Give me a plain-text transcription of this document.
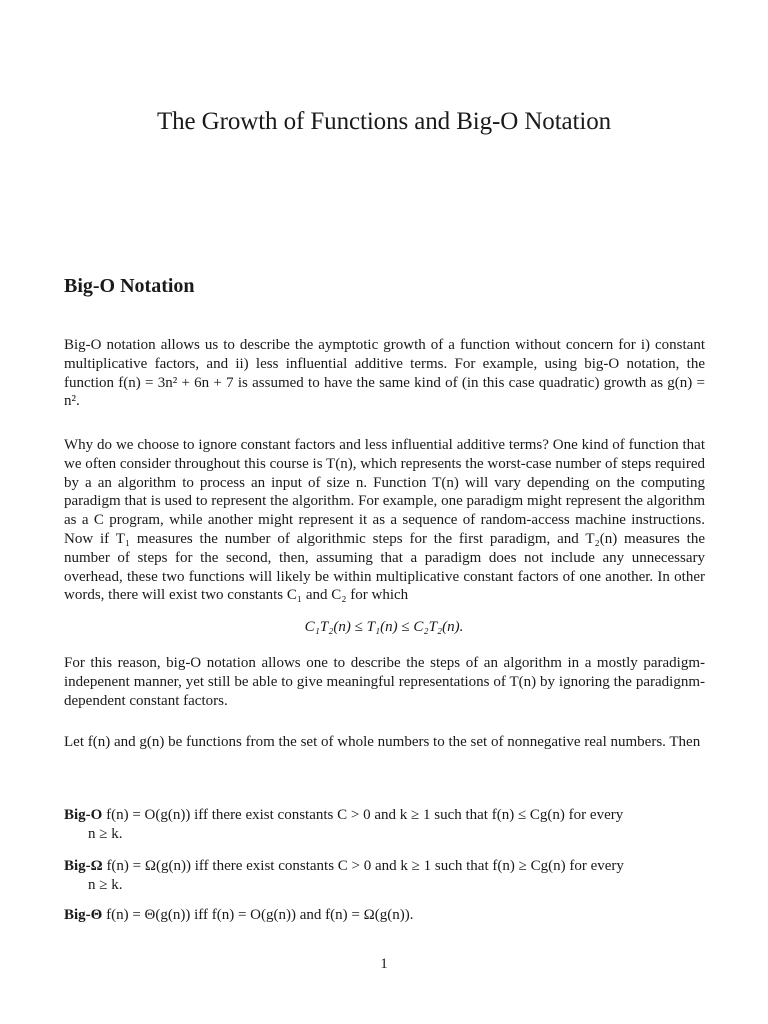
The Growth of Functions and Big-O Notation
Big-O Notation

Big-O notation allows us to describe the aymptotic growth of a function without concern for i) constant multiplicative factors, and ii) less influential additive terms. For example, using big-O notation, the function f(n) = 3n² + 6n + 7 is assumed to have the same kind of (in this case quadratic) growth as g(n) = n².

Why do we choose to ignore constant factors and less influential additive terms? One kind of function that we often consider throughout this course is T(n), which represents the worst-case number of steps required by a an algorithm to process an input of size n. Function T(n) will vary depending on the computing paradigm that is used to represent the algorithm. For example, one paradigm might represent the algorithm as a C program, while another might represent it as a sequence of random-access machine instructions. Now if T₁ measures the number of algorithmic steps for the first paradigm, and T₂(n) measures the number of steps for the second, then, assuming that a paradigm does not include any unnecessary overhead, these two functions will likely be within multiplicative constant factors of one another. In other words, there will exist two constants C₁ and C₂ for which

C₁T₂(n) ≤ T₁(n) ≤ C₂T₂(n).

For this reason, big-O notation allows one to describe the steps of an algorithm in a mostly paradigm-indepenent manner, yet still be able to give meaningful representations of T(n) by ignoring the paradignm-dependent constant factors.

Let f(n) and g(n) be functions from the set of whole numbers to the set of nonnegative real numbers. Then

Big-O f(n) = O(g(n)) iff there exist constants C > 0 and k ≥ 1 such that f(n) ≤ Cg(n) for every
n ≥ k.
Big-Ω f(n) = Ω(g(n)) iff there exist constants C > 0 and k ≥ 1 such that f(n) ≥ Cg(n) for every
n ≥ k.
Big-Θ f(n) = Θ(g(n)) iff f(n) = O(g(n)) and f(n) = Ω(g(n)).
1
